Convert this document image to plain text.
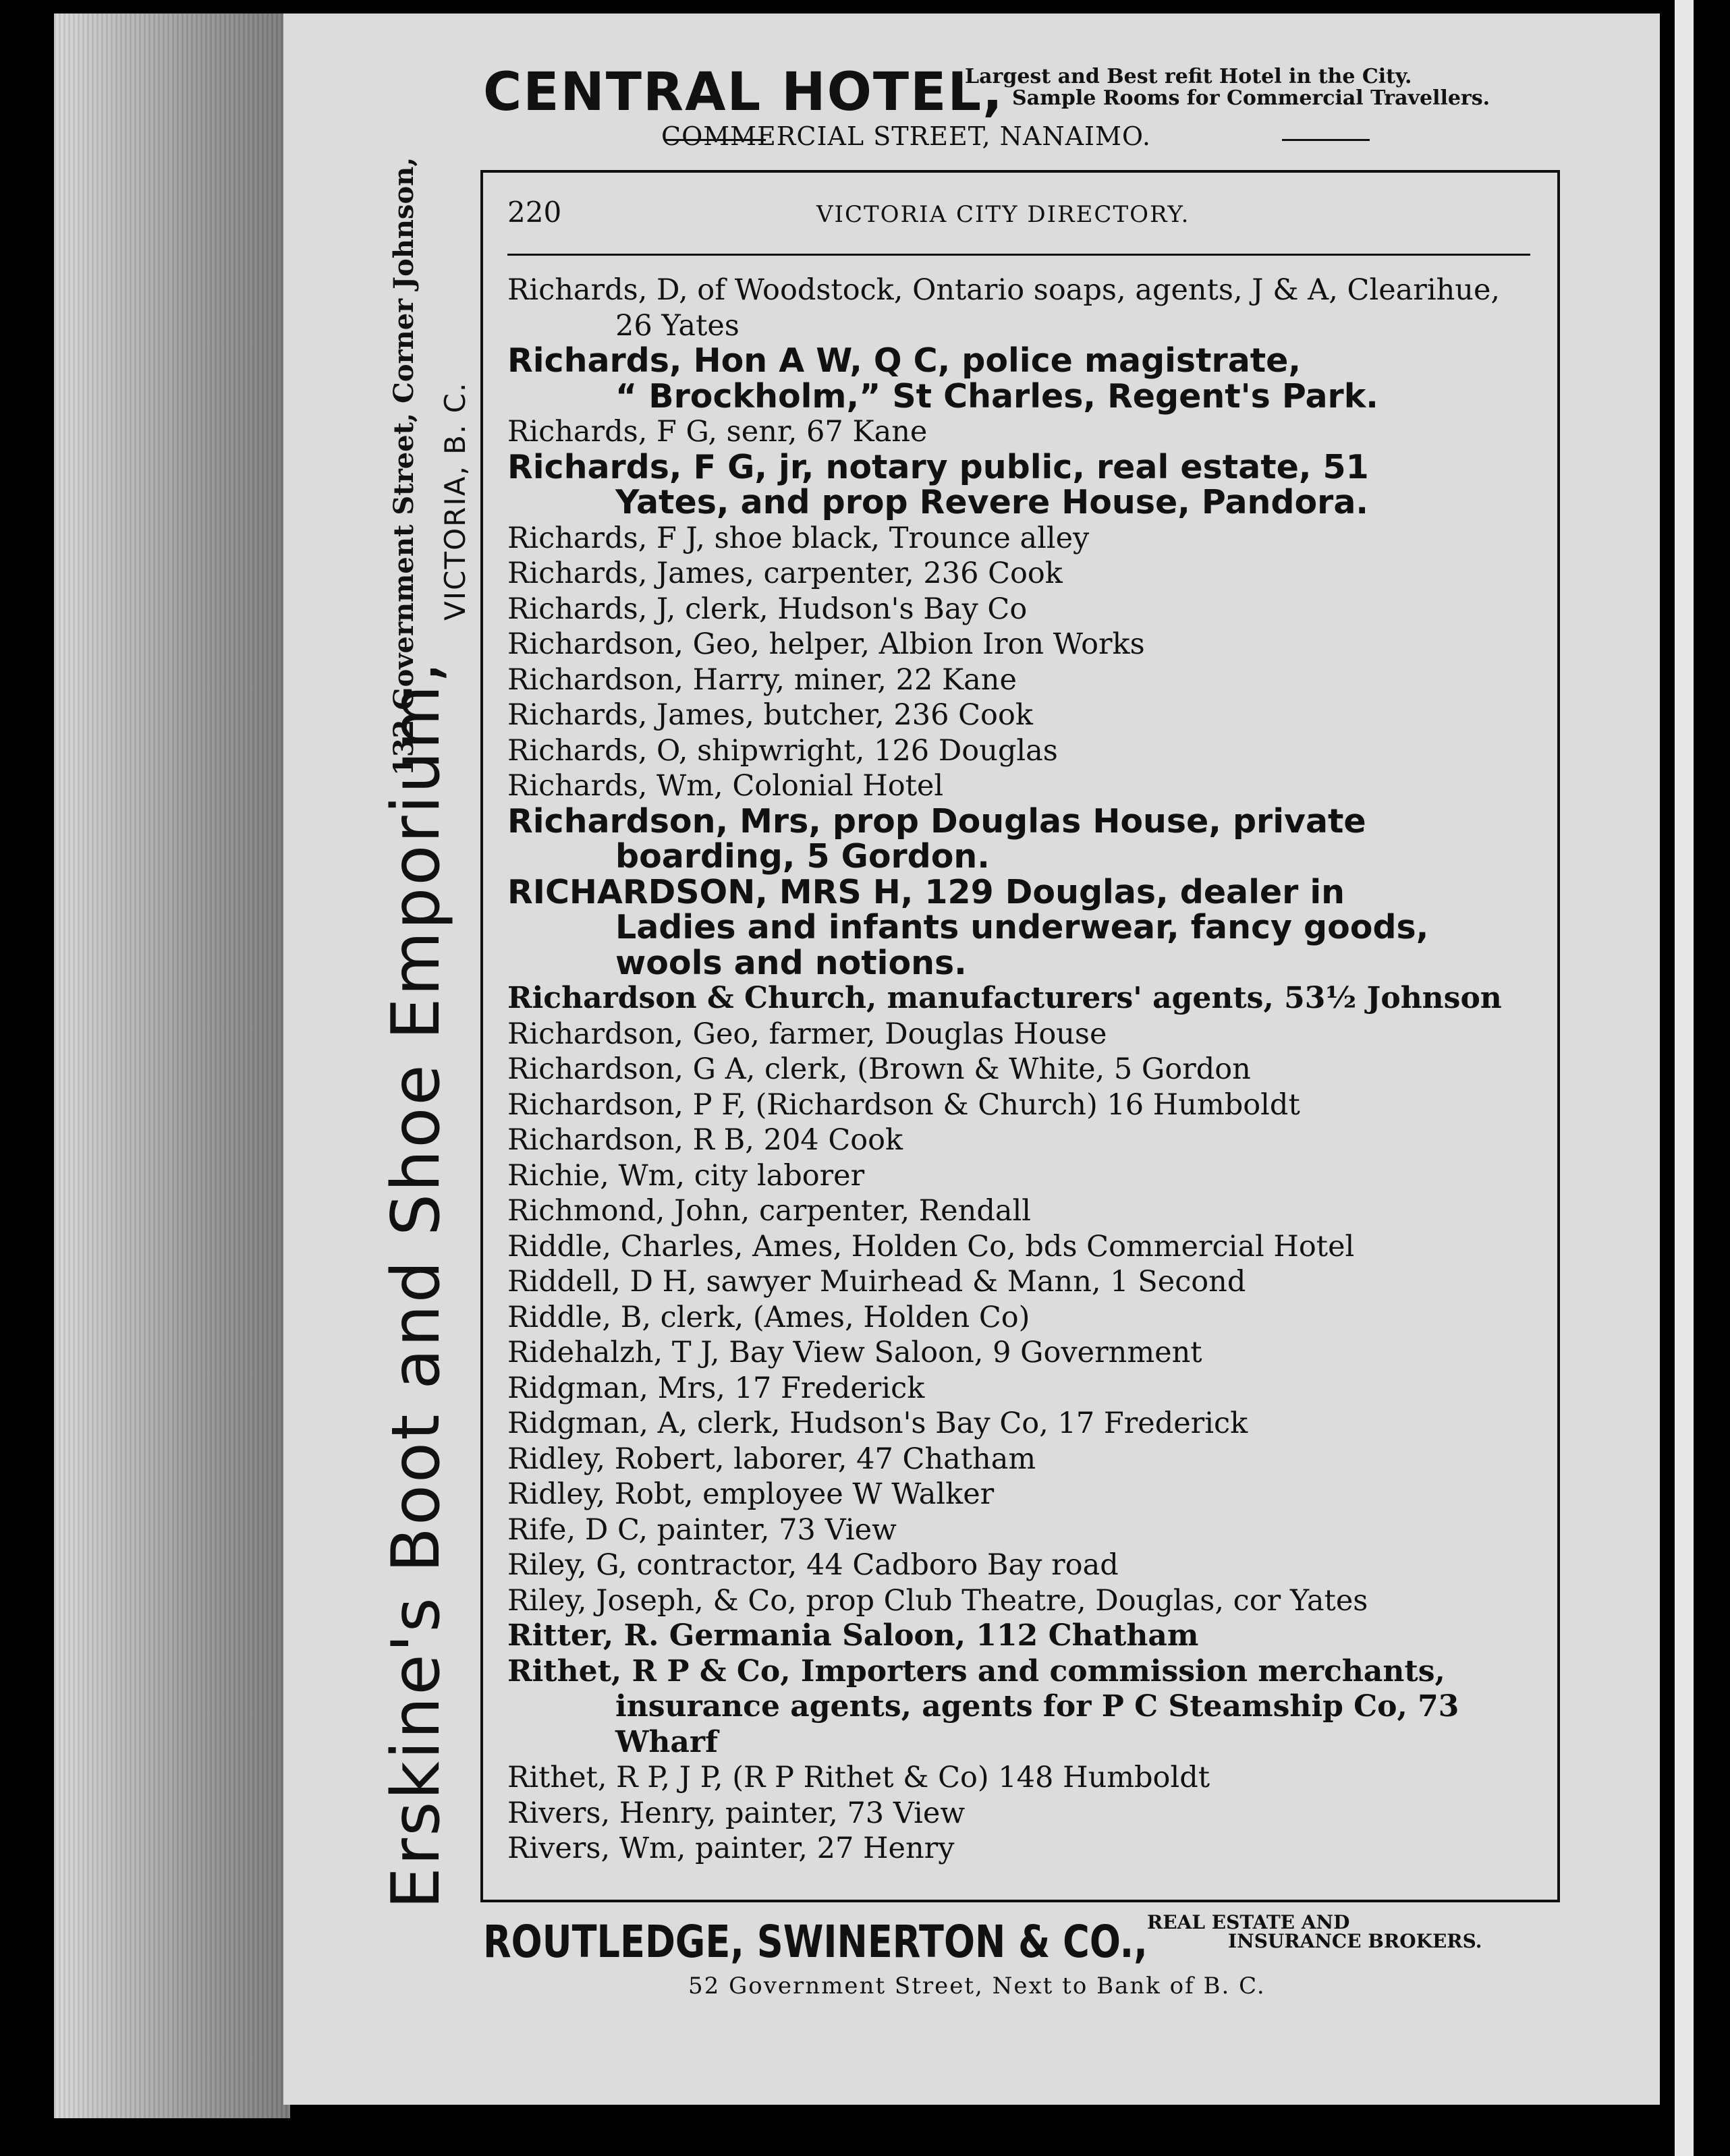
CENTRAL HOTEL,
Largest and Best refit Hotel in the City.
Sample Rooms for Commercial Travellers.
COMMERCIAL STREET, NANAIMO.
Erskine's Boot and Shoe Emporium,
132 Government Street, Corner Johnson, VICTORIA, B. C.
220	VICTORIA CITY DIRECTORY.
Richards, D, of Woodstock, Ontario soaps, agents, J & A, Clearihue,
26 Yates
Richards, Hon A W, Q C, police magistrate,
“ Brockholm,” St Charles, Regent's Park.
Richards, F G, senr, 67 Kane
Richards, F G, jr, notary public, real estate, 51
Yates, and prop Revere House, Pandora.
Richards, F J, shoe black, Trounce alley
Richards, James, carpenter, 236 Cook
Richards, J, clerk, Hudson's Bay Co
Richardson, Geo, helper, Albion Iron Works
Richardson, Harry, miner, 22 Kane
Richards, James, butcher, 236 Cook
Richards, O, shipwright, 126 Douglas
Richards, Wm, Colonial Hotel
Richardson, Mrs, prop Douglas House, private
boarding, 5 Gordon.
RICHARDSON, MRS H, 129 Douglas, dealer in
Ladies and infants underwear, fancy goods,
wools and notions.
Richardson & Church, manufacturers' agents, 53½ Johnson
Richardson, Geo, farmer, Douglas House
Richardson, G A, clerk, (Brown & White, 5 Gordon
Richardson, P F, (Richardson & Church) 16 Humboldt
Richardson, R B, 204 Cook
Richie, Wm, city laborer
Richmond, John, carpenter, Rendall
Riddle, Charles, Ames, Holden Co, bds Commercial Hotel
Riddell, D H, sawyer Muirhead & Mann, 1 Second
Riddle, B, clerk, (Ames, Holden Co)
Ridehalzh, T J, Bay View Saloon, 9 Government
Ridgman, Mrs, 17 Frederick
Ridgman, A, clerk, Hudson's Bay Co, 17 Frederick
Ridley, Robert, laborer, 47 Chatham
Ridley, Robt, employee W Walker
Rife, D C, painter, 73 View
Riley, G, contractor, 44 Cadboro Bay road
Riley, Joseph, & Co, prop Club Theatre, Douglas, cor Yates
Ritter, R. Germania Saloon, 112 Chatham
Rithet, R P & Co, Importers and commission merchants,
insurance agents, agents for P C Steamship Co, 73
Wharf
Rithet, R P, J P, (R P Rithet & Co) 148 Humboldt
Rivers, Henry, painter, 73 View
Rivers, Wm, painter, 27 Henry
ROUTLEDGE, SWINERTON & CO., REAL ESTATE AND
INSURANCE BROKERS.
52 Government Street, Next to Bank of B. C.
